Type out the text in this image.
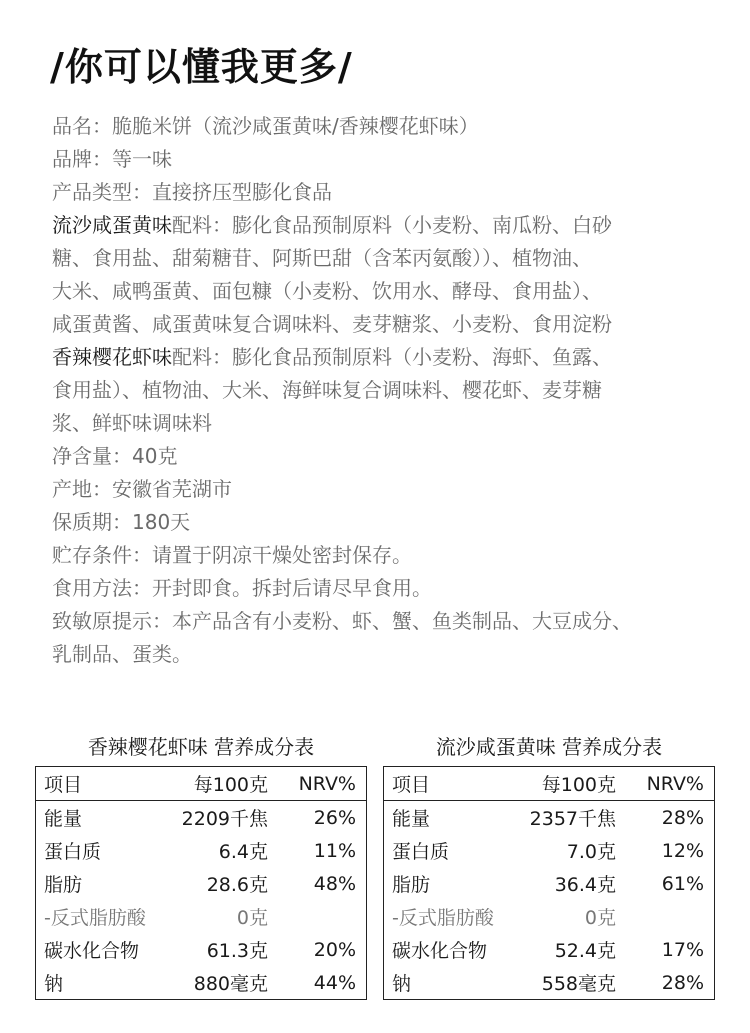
/你可以懂我更多/
品名：脆脆米饼（流沙咸蛋黄味/香辣樱花虾味）
品牌：等一味
产品类型：直接挤压型膨化食品
流沙咸蛋黄味配料：膨化食品预制原料（小麦粉、南瓜粉、白砂
糖、食用盐、甜菊糖苷、阿斯巴甜（含苯丙氨酸））、植物油、
大米、咸鸭蛋黄、面包糠（小麦粉、饮用水、酵母、食用盐）、
咸蛋黄酱、咸蛋黄味复合调味料、麦芽糖浆、小麦粉、食用淀粉
香辣樱花虾味配料：膨化食品预制原料（小麦粉、海虾、鱼露、
食用盐）、植物油、大米、海鲜味复合调味料、樱花虾、麦芽糖
浆、鲜虾味调味料
净含量：40克
产地：安徽省芜湖市
保质期：180天
贮存条件：请置于阴凉干燥处密封保存。
食用方法：开封即食。拆封后请尽早食用。
致敏原提示：本产品含有小麦粉、虾、蟹、鱼类制品、大豆成分、
乳制品、蛋类。
香辣樱花虾味 营养成分表
项目	每100克	NRV%
能量	2209千焦	26%
蛋白质	6.4克	11%
脂肪	28.6克	48%
-反式脂肪酸	0克
碳水化合物	61.3克	20%
钠	880毫克	44%
流沙咸蛋黄味 营养成分表
项目	每100克	NRV%
能量	2357千焦	28%
蛋白质	7.0克	12%
脂肪	36.4克	61%
-反式脂肪酸	0克
碳水化合物	52.4克	17%
钠	558毫克	28%
